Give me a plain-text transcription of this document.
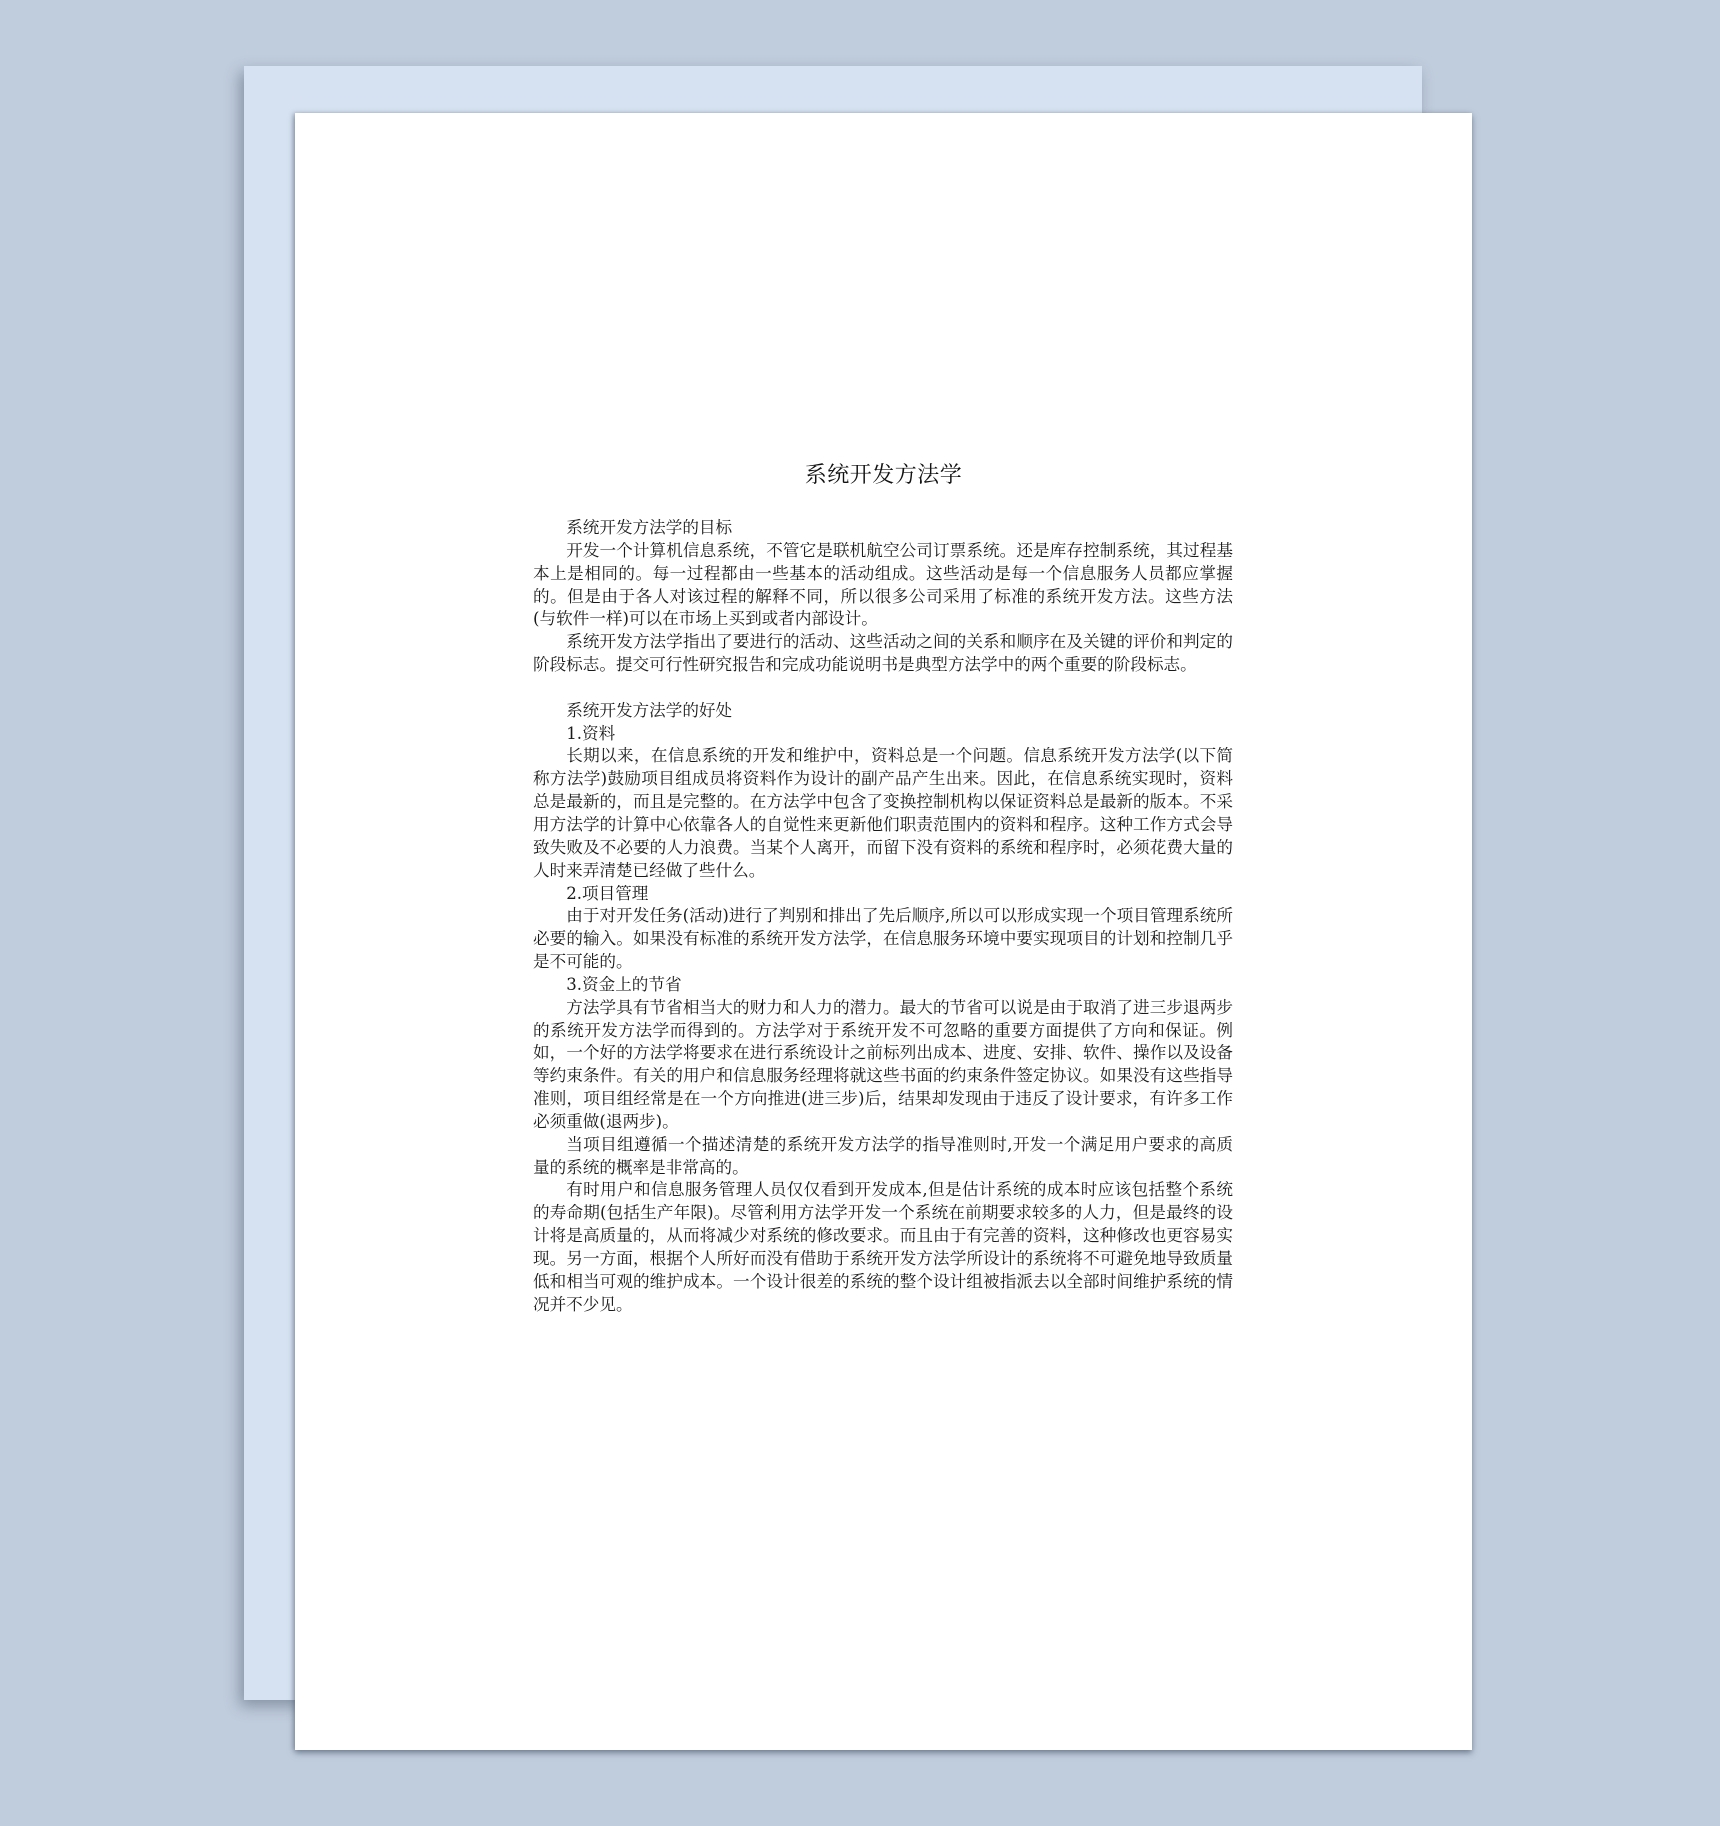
系统开发方法学

系统开发方法学的目标

开发一个计算机信息系统，不管它是联机航空公司订票系统。还是库存控制系统，其过程基本上是相同的。每一过程都由一些基本的活动组成。这些活动是每一个信息服务人员都应掌握的。但是由于各人对该过程的解释不同，所以很多公司采用了标准的系统开发方法。这些方法(与软件一样)可以在市场上买到或者内部设计。

系统开发方法学指出了要进行的活动、这些活动之间的关系和顺序在及关键的评价和判定的阶段标志。提交可行性研究报告和完成功能说明书是典型方法学中的两个重要的阶段标志。

系统开发方法学的好处

1.资料

长期以来，在信息系统的开发和维护中，资料总是一个问题。信息系统开发方法学(以下简称方法学)鼓励项目组成员将资料作为设计的副产品产生出来。因此，在信息系统实现时，资料总是最新的，而且是完整的。在方法学中包含了变换控制机构以保证资料总是最新的版本。不采用方法学的计算中心依靠各人的自觉性来更新他们职责范围内的资料和程序。这种工作方式会导致失败及不必要的人力浪费。当某个人离开，而留下没有资料的系统和程序时，必须花费大量的人时来弄清楚已经做了些什么。

2.项目管理

由于对开发任务(活动)进行了判别和排出了先后顺序,所以可以形成实现一个项目管理系统所必要的输入。如果没有标准的系统开发方法学，在信息服务环境中要实现项目的计划和控制几乎是不可能的。

3.资金上的节省

方法学具有节省相当大的财力和人力的潜力。最大的节省可以说是由于取消了进三步退两步的系统开发方法学而得到的。方法学对于系统开发不可忽略的重要方面提供了方向和保证。例如，一个好的方法学将要求在进行系统设计之前标列出成本、进度、安排、软件、操作以及设备等约束条件。有关的用户和信息服务经理将就这些书面的约束条件签定协议。如果没有这些指导准则，项目组经常是在一个方向推进(进三步)后，结果却发现由于违反了设计要求，有许多工作必须重做(退两步)。

当项目组遵循一个描述清楚的系统开发方法学的指导准则时,开发一个满足用户要求的高质量的系统的概率是非常高的。

有时用户和信息服务管理人员仅仅看到开发成本,但是估计系统的成本时应该包括整个系统的寿命期(包括生产年限)。尽管利用方法学开发一个系统在前期要求较多的人力，但是最终的设计将是高质量的，从而将减少对系统的修改要求。而且由于有完善的资料，这种修改也更容易实现。另一方面，根据个人所好而没有借助于系统开发方法学所设计的系统将不可避免地导致质量低和相当可观的维护成本。一个设计很差的系统的整个设计组被指派去以全部时间维护系统的情况并不少见。
